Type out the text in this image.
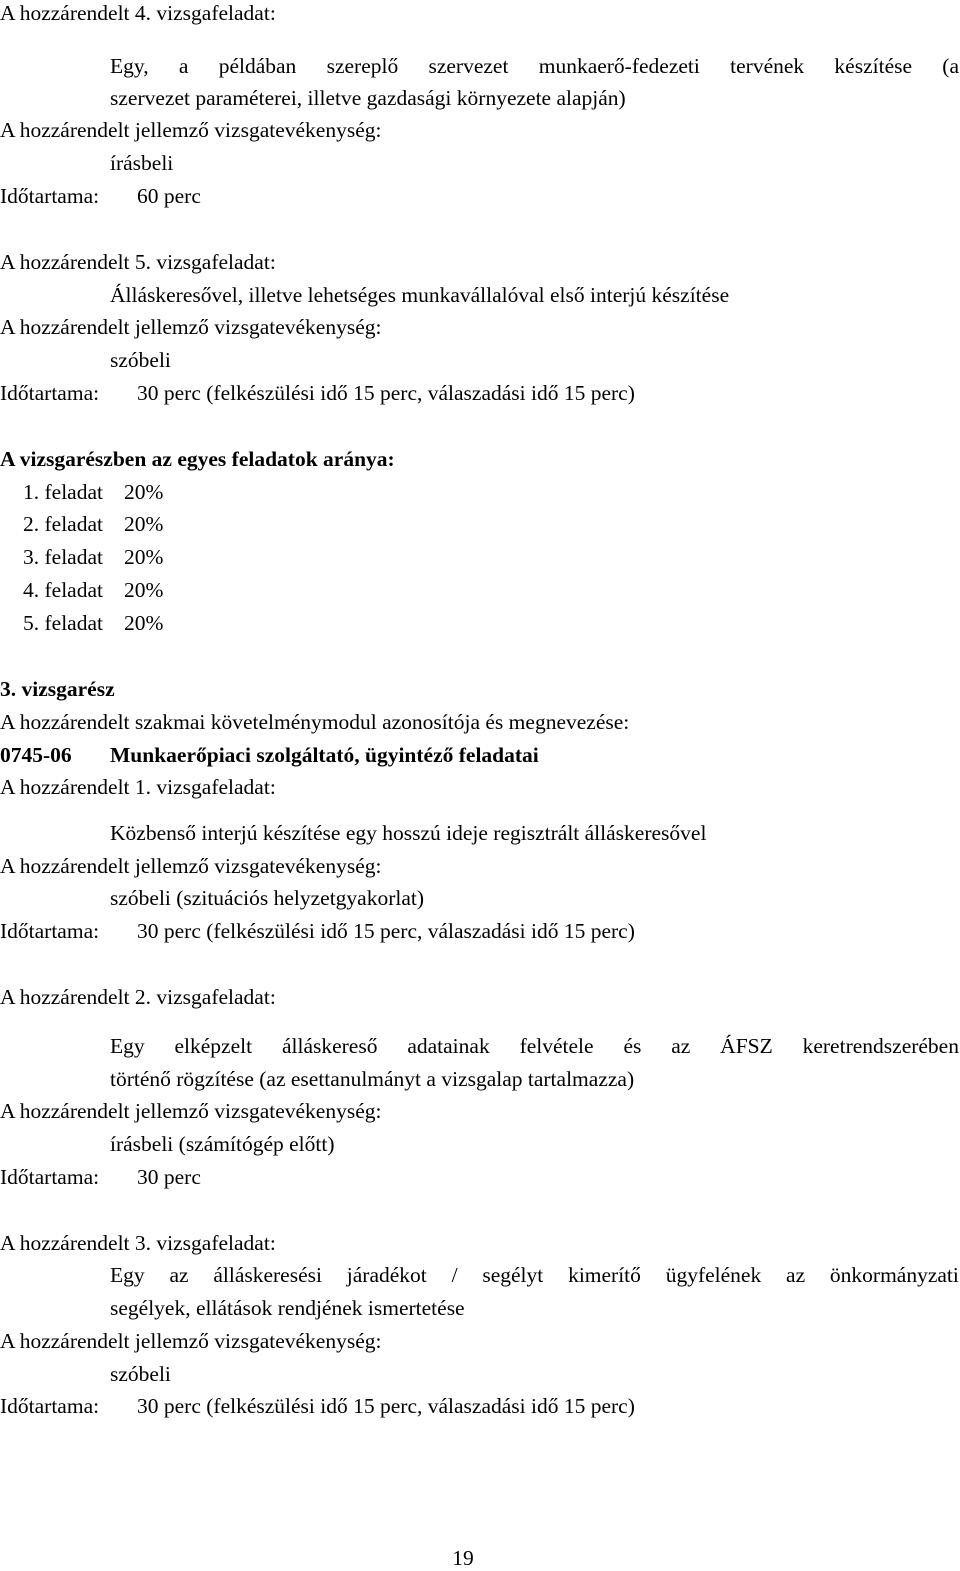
A hozzárendelt 4. vizsgafeladat:
Egy, a példában szereplő szervezet munkaerő-fedezeti tervének készítése (a
szervezet paraméterei, illetve gazdasági környezete alapján)
A hozzárendelt jellemző vizsgatevékenység:
írásbeli
Időtartama: 60 perc
A hozzárendelt 5. vizsgafeladat:
Álláskeresővel, illetve lehetséges munkavállalóval első interjú készítése
A hozzárendelt jellemző vizsgatevékenység:
szóbeli
Időtartama: 30 perc (felkészülési idő 15 perc, válaszadási idő 15 perc)
A vizsgarészben az egyes feladatok aránya:
1. feladat 20%
2. feladat 20%
3. feladat 20%
4. feladat 20%
5. feladat 20%
3. vizsgarész
A hozzárendelt szakmai követelménymodul azonosítója és megnevezése:
0745-06 Munkaerőpiaci szolgáltató, ügyintéző feladatai
A hozzárendelt 1. vizsgafeladat:
Közbenső interjú készítése egy hosszú ideje regisztrált álláskeresővel
A hozzárendelt jellemző vizsgatevékenység:
szóbeli (szituációs helyzetgyakorlat)
Időtartama: 30 perc (felkészülési idő 15 perc, válaszadási idő 15 perc)
A hozzárendelt 2. vizsgafeladat:
Egy elképzelt álláskereső adatainak felvétele és az ÁFSZ keretrendszerében
történő rögzítése (az esettanulmányt a vizsgalap tartalmazza)
A hozzárendelt jellemző vizsgatevékenység:
írásbeli (számítógép előtt)
Időtartama: 30 perc
A hozzárendelt 3. vizsgafeladat:
Egy az álláskeresési járadékot / segélyt kimerítő ügyfelének az önkormányzati
segélyek, ellátások rendjének ismertetése
A hozzárendelt jellemző vizsgatevékenység:
szóbeli
Időtartama: 30 perc (felkészülési idő 15 perc, válaszadási idő 15 perc)
19
